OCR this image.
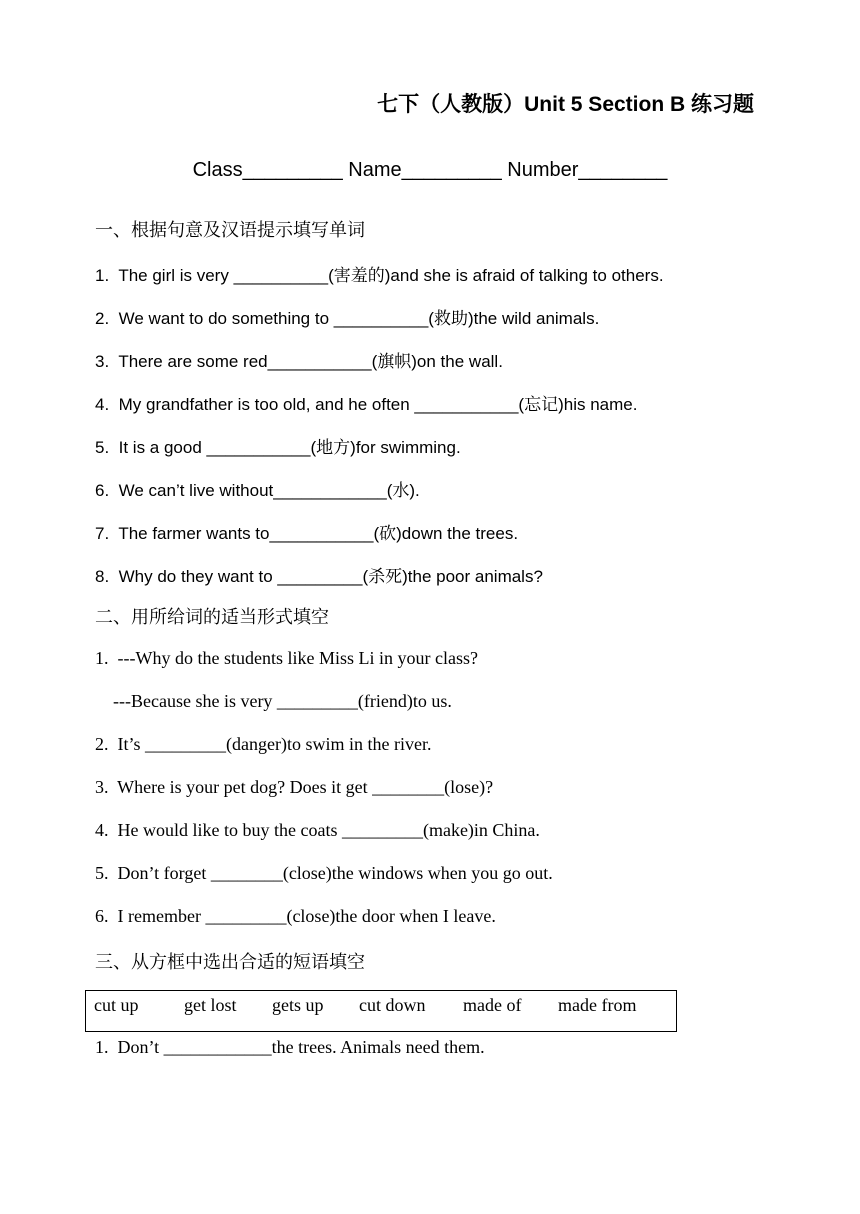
七下（人教版）Unit 5 Section B 练习题
Class_________ Name_________ Number________
一、根据句意及汉语提示填写单词
1.  The girl is very __________(害羞的)and she is afraid of talking to others.
2.  We want to do something to __________(救助)the wild animals.
3.  There are some red___________(旗帜)on the wall.
4.  My grandfather is too old, and he often ___________(忘记)his name.
5.  It is a good ___________(地方)for swimming.
6.  We can’t live without____________(水).
7.  The farmer wants to___________(砍)down the trees.
8.  Why do they want to _________(杀死)the poor animals?
二、用所给词的适当形式填空
1.  ---Why do the students like Miss Li in your class?
---Because she is very _________(friend)to us.
2.  It’s _________(danger)to swim in the river.
3.  Where is your pet dog? Does it get ________(lose)?
4.  He would like to buy the coats _________(make)in China.
5.  Don’t forget ________(close)the windows when you go out.
6.  I remember _________(close)the door when I leave.
三、从方框中选出合适的短语填空
cut up	get lost gets up cut down made of made from
1.  Don’t ____________the trees. Animals need them.
